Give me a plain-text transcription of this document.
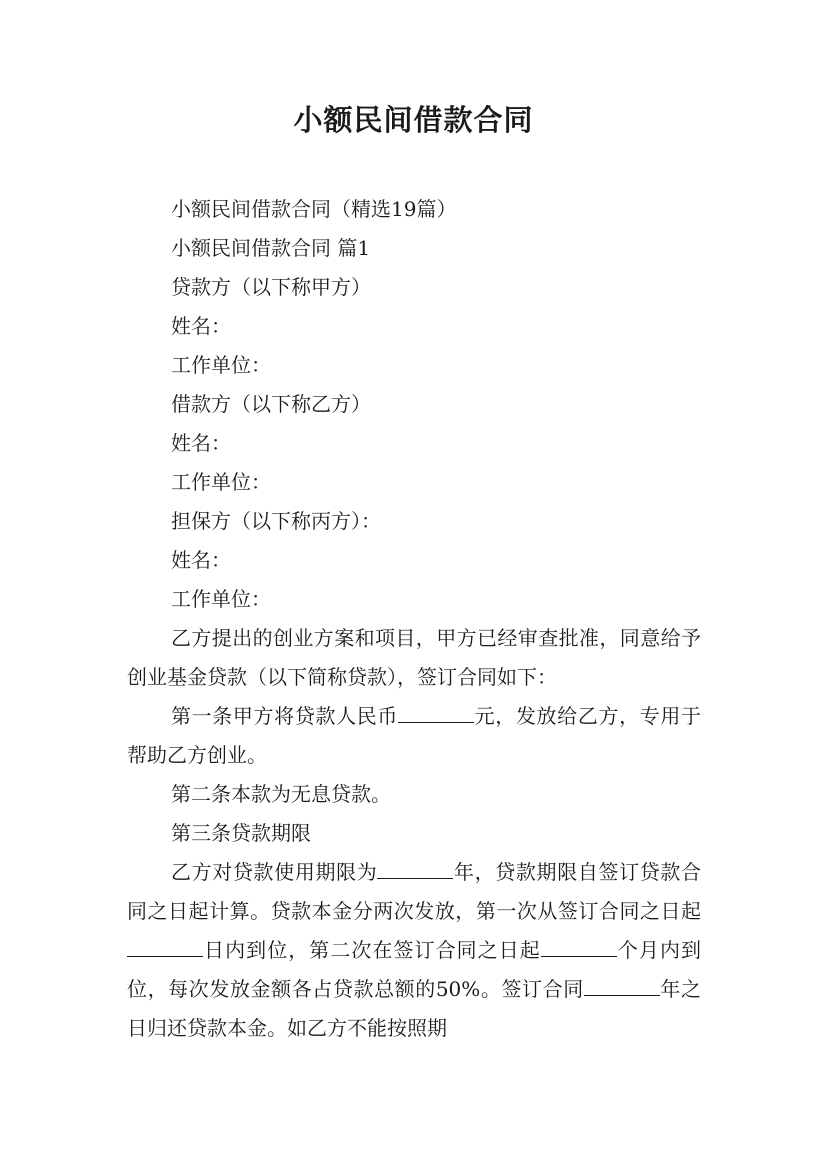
小额民间借款合同

小额民间借款合同（精选19篇）

小额民间借款合同 篇1

贷款方（以下称甲方）

姓名：

工作单位：

借款方（以下称乙方）

姓名：

工作单位：

担保方（以下称丙方）：

姓名：

工作单位：

乙方提出的创业方案和项目，甲方已经审查批准，同意给予创业基金贷款（以下简称贷款），签订合同如下：

第一条甲方将贷款人民币	元，发放给乙方，专用于帮助乙方创业。

第二条本款为无息贷款。

第三条贷款期限

乙方对贷款使用期限为	年，贷款期限自签订贷款合同之日起计算。贷款本金分两次发放，第一次从签订合同之日起日内到位，第二次在签订合同之日起	个月内到位，每次发放金额各占贷款总额的50%。签订合同	年之日归还贷款本金。如乙方不能按照期
